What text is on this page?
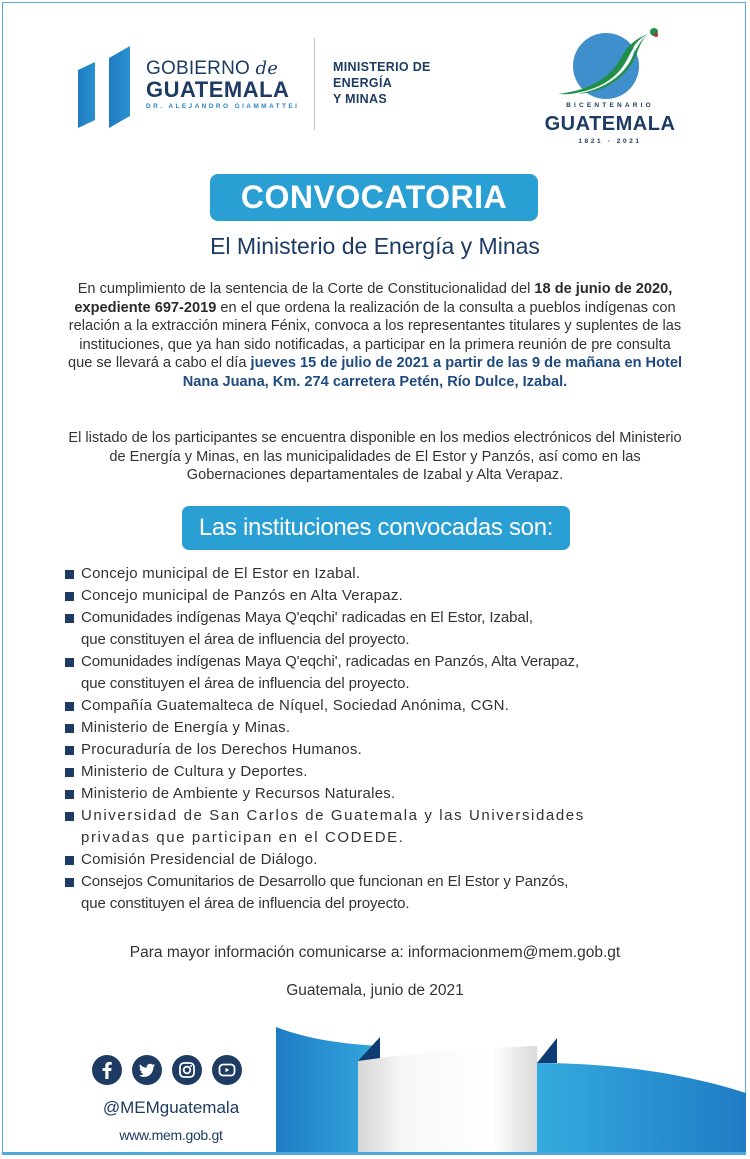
GOBIERNO de
GUATEMALA
DR. ALEJANDRO GIAMMATTEI
MINISTERIO DE
ENERGÍA
Y MINAS	BICENTENARIO
GUATEMALA
1821 - 2021
CONVOCATORIA
El Ministerio de Energía y Minas
En cumplimiento de la sentencia de la Corte de Constitucionalidad del 18 de junio de 2020, expediente 697-2019 en el que ordena la realización de la consulta a pueblos indígenas con relación a la extracción minera Fénix, convoca a los representantes titulares y suplentes de las instituciones, que ya han sido notificadas, a participar en la primera reunión de pre consulta que se llevará a cabo el día jueves 15 de julio de 2021 a partir de las 9 de mañana en Hotel Nana Juana, Km. 274 carretera Petén, Río Dulce, Izabal.
El listado de los participantes se encuentra disponible en los medios electrónicos del Ministerio de Energía y Minas, en las municipalidades de El Estor y Panzós, así como en las Gobernaciones departamentales de Izabal y Alta Verapaz.
Las instituciones convocadas son:
Concejo municipal de El Estor en Izabal.
Concejo municipal de Panzós en Alta Verapaz.
Comunidades indígenas Maya Q'eqchi' radicadas en El Estor, Izabal,
que constituyen el área de influencia del proyecto.
Comunidades indígenas Maya Q'eqchi', radicadas en Panzós, Alta Verapaz,
que constituyen el área de influencia del proyecto.
Compañía Guatemalteca de Níquel, Sociedad Anónima, CGN.
Ministerio de Energía y Minas.
Procuraduría de los Derechos Humanos.
Ministerio de Cultura y Deportes.
Ministerio de Ambiente y Recursos Naturales.
Universidad de San Carlos de Guatemala y las Universidades
privadas que participan en el CODEDE.
Comisión Presidencial de Diálogo.
Consejos Comunitarios de Desarrollo que funcionan en El Estor y Panzós,
que constituyen el área de influencia del proyecto.
Para mayor información comunicarse a: informacionmem@mem.gob.gt
Guatemala, junio de 2021
@MEMguatemala
www.mem.gob.gt
